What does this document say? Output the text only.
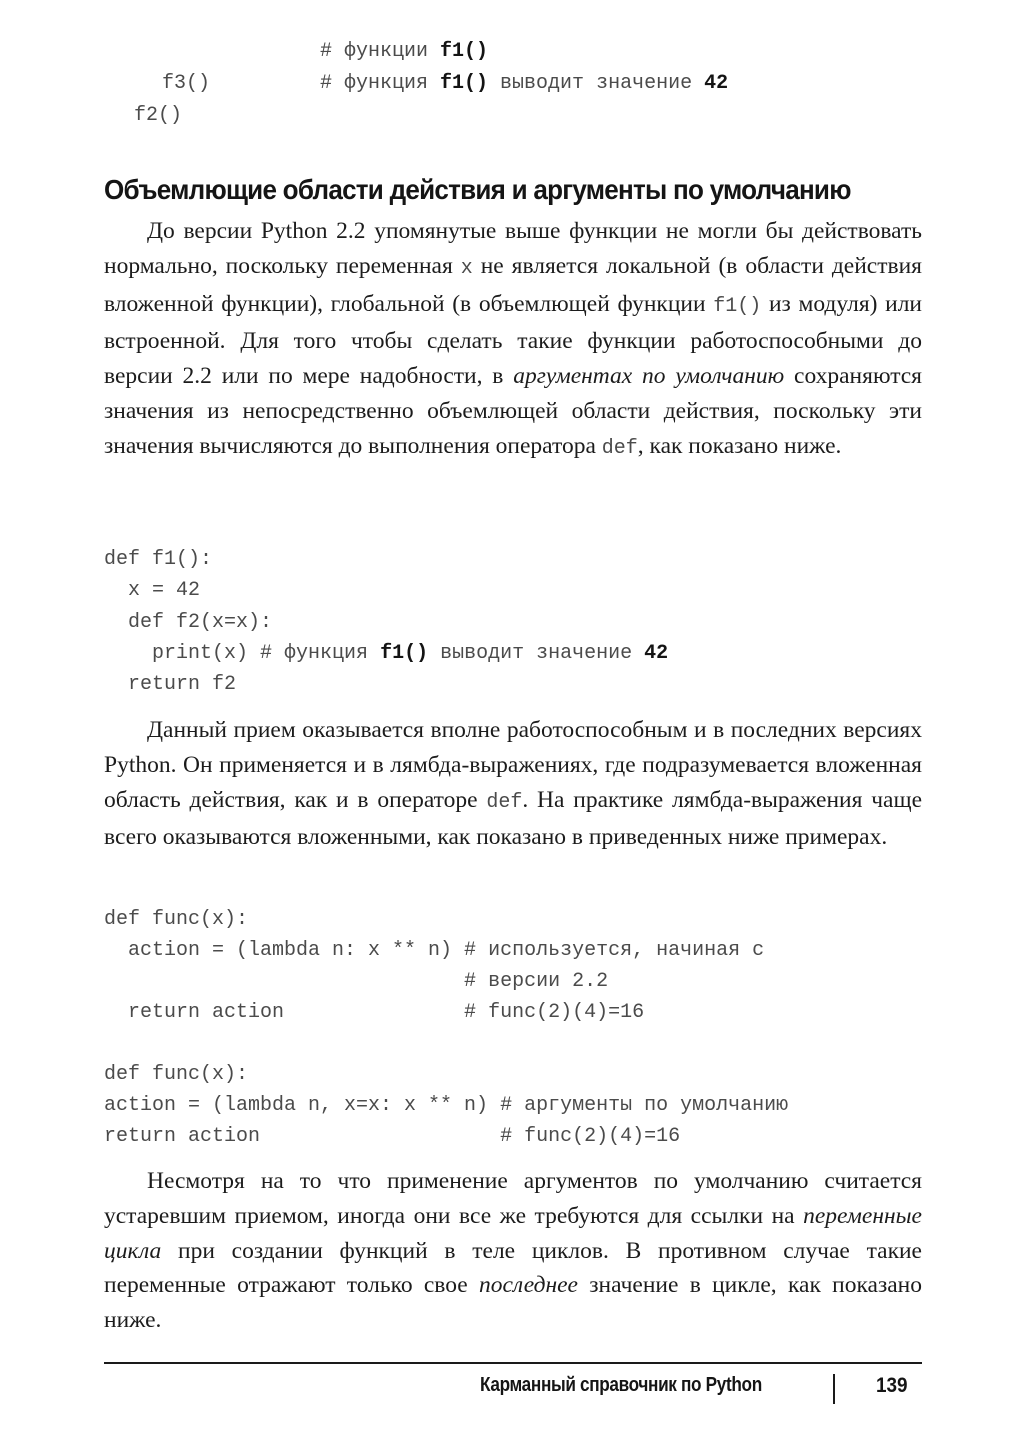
# функции f1()
f3()	# функция f1() выводит значение 42
f2()
Объемлющие области действия и аргументы по умолчанию

До версии Python 2.2 упомянутые выше функции не могли бы действовать нормально, поскольку переменная x не является локальной (в области действия вложенной функции), глобальной (в объемлющей функции f1() из модуля) или встроенной. Для того чтобы сделать такие функции работоспособными до версии 2.2 или по мере надобности, в аргументах по умолчанию сохраняются значения из непосредственно объемлющей области действия, поскольку эти значения вычисляются до выполнения оператора def, как показано ниже.

def f1():
x = 42
def f2(x=x):
print(x) # функция f1() выводит значение 42
return f2

Данный прием оказывается вполне работоспособным и в последних версиях Python. Он применяется и в лямбда-выражениях, где подразумевается вложенная область действия, как и в операторе def. На практике лямбда-выражения чаще всего оказываются вложенными, как показано в приведенных ниже примерах.

def func(x):
action = (lambda n: x ** n) # используется, начиная с
# версии 2.2
return action               # func(2)(4)=16
def func(x):
action = (lambda n, x=x: x ** n) # аргументы по умолчанию
return action                    # func(2)(4)=16

Несмотря на то что применение аргументов по умолчанию считается устаревшим приемом, иногда они все же требуются для ссылки на переменные цикла при создании функций в теле циклов. В противном случае такие переменные отражают только свое последнее значение в цикле, как показано ниже.

Карманный справочник по Python	139
